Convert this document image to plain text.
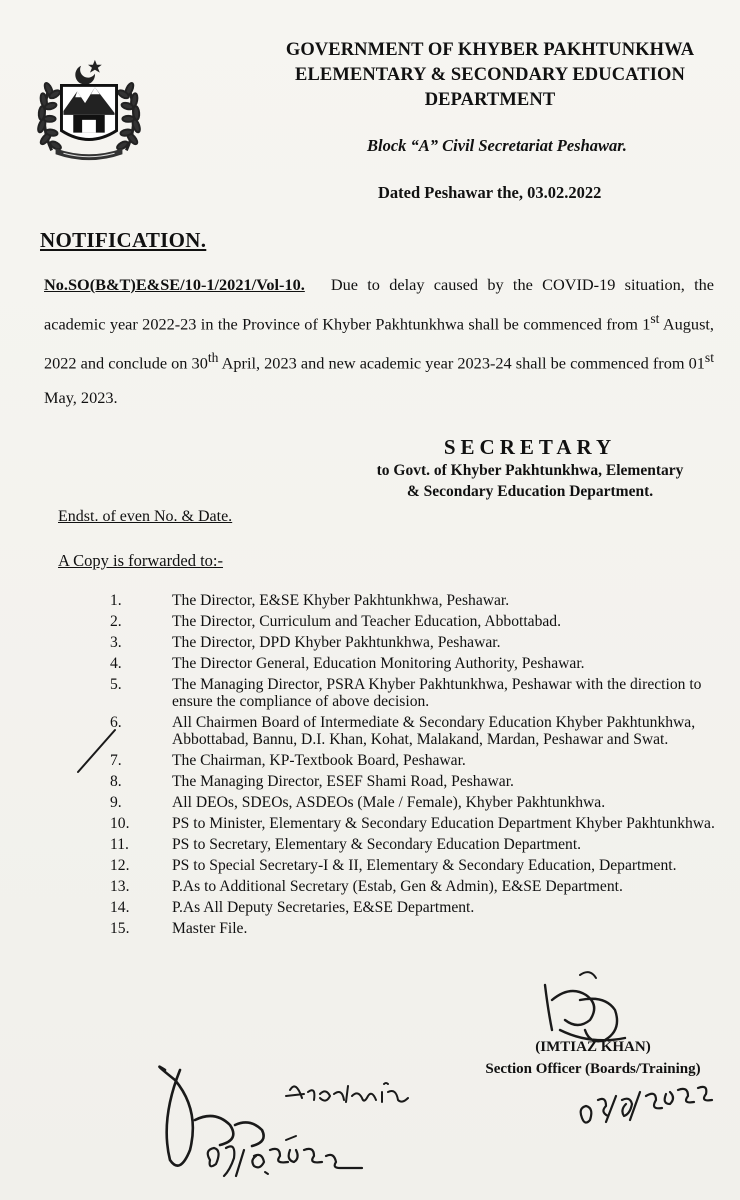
GOVERNMENT OF KHYBER PAKHTUNKHWA
ELEMENTARY & SECONDARY EDUCATION
DEPARTMENT
Block “A” Civil Secretariat Peshawar.
Dated Peshawar the, 03.02.2022
NOTIFICATION.
No.SO(B&T)E&SE/10-1/2021/Vol-10. Due to delay caused by the COVID-19 situation, the academic year 2022-23 in the Province of Khyber Pakhtunkhwa shall be commenced from 1st August, 2022 and conclude on 30th April, 2023 and new academic year 2023-24 shall be commenced from 01st May, 2023.
SECRETARY
to Govt. of Khyber Pakhtunkhwa, Elementary
& Secondary Education Department.
Endst. of even No. & Date.
A Copy is forwarded to:-
1.	The Director, E&SE Khyber Pakhtunkhwa, Peshawar.
2.	The Director, Curriculum and Teacher Education, Abbottabad.
3.	The Director, DPD Khyber Pakhtunkhwa, Peshawar.
4.	The Director General, Education Monitoring Authority, Peshawar.
5.	The Managing Director, PSRA Khyber Pakhtunkhwa, Peshawar with the direction to ensure the compliance of above decision.
6.	All Chairmen Board of Intermediate & Secondary Education Khyber Pakhtunkhwa, Abbottabad, Bannu, D.I. Khan, Kohat, Malakand, Mardan, Peshawar and Swat.
7.	The Chairman, KP-Textbook Board, Peshawar.
8.	The Managing Director, ESEF Shami Road, Peshawar.
9.	All DEOs, SDEOs, ASDEOs (Male / Female), Khyber Pakhtunkhwa.
10.	PS to Minister, Elementary & Secondary Education Department Khyber Pakhtunkhwa.
11.	PS to Secretary, Elementary & Secondary Education Department.
12.	PS to Special Secretary-I & II, Elementary & Secondary Education, Department.
13.	P.As to Additional Secretary (Estab, Gen & Admin), E&SE Department.
14.	P.As All Deputy Secretaries, E&SE Department.
15.	Master File.
(IMTIAZ KHAN)
Section Officer (Boards/Training)
